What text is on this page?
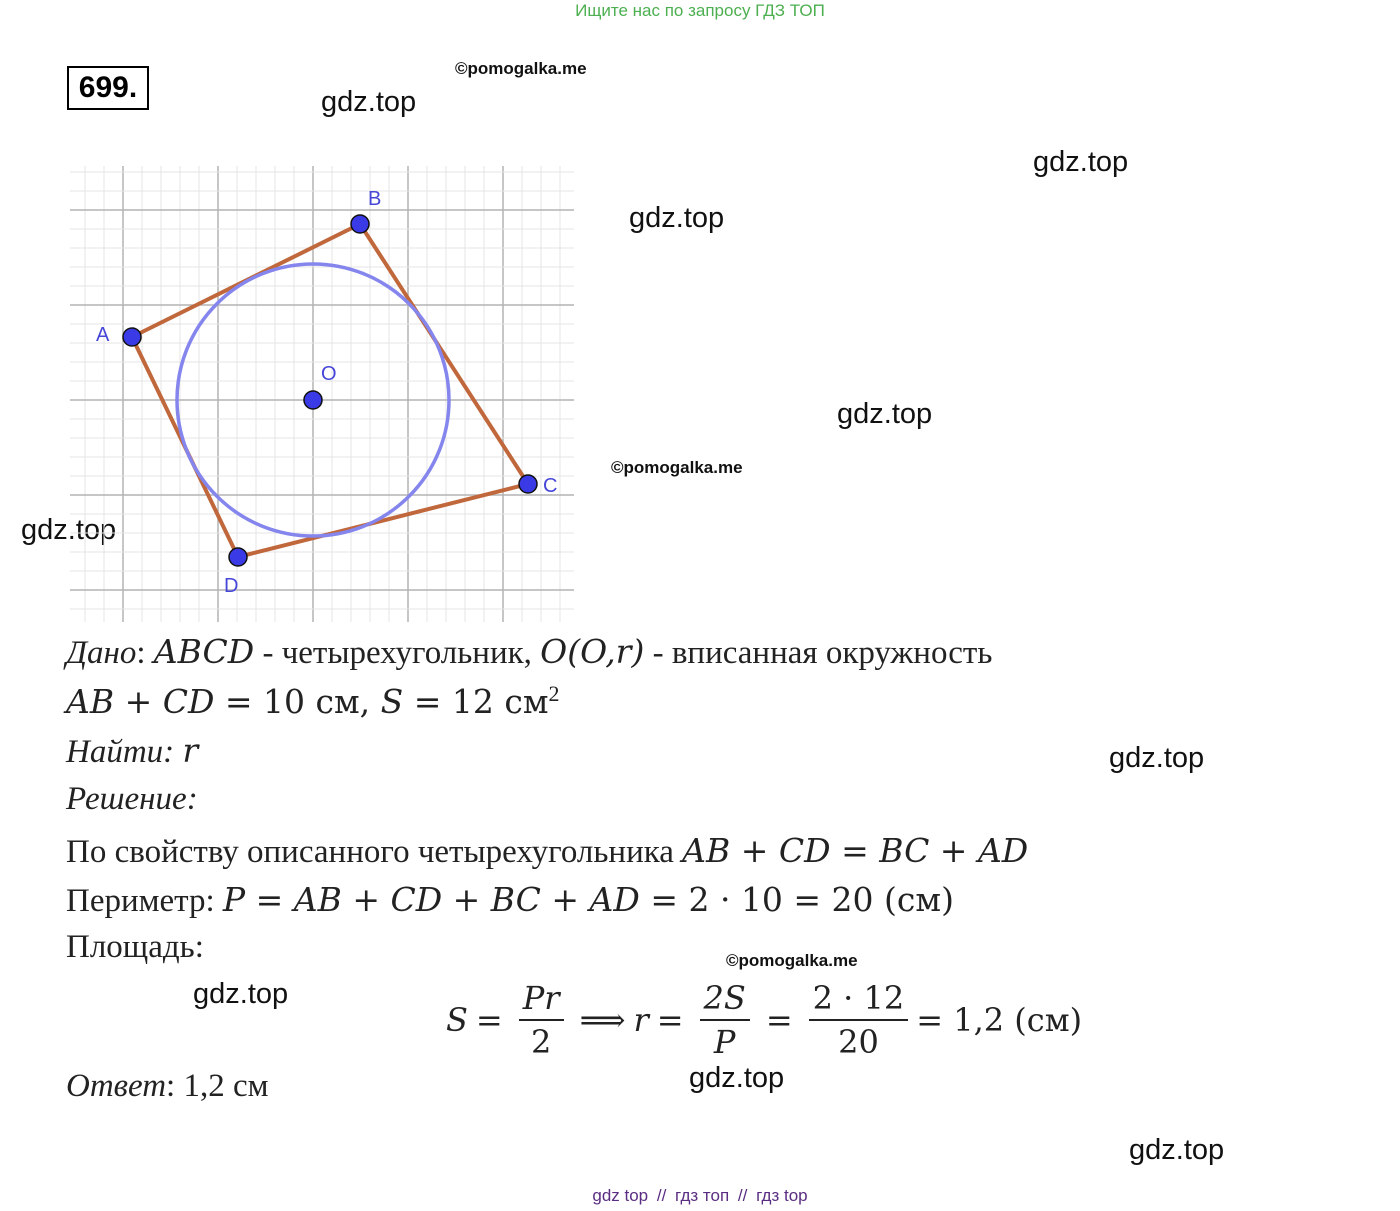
Ищите нас по запросу ГДЗ ТОП
699.
©pomogalka.me
©pomogalka.me
©pomogalka.me
gdz.top
gdz.top
gdz.top
gdz.top
gdz.top
gdz.top
gdz.top
gdz.top
gdz.top
A
B
C
D
O
Дано: ABCD - четырехугольник, O(O,r) - вписанная окружность
AB + CD = 10 см, S = 12 $см^2$
Найти: r
Решение:
По свойству описанного четырехугольника AB + CD = BC + AD
Периметр: P = AB + CD + BC + AD = 2 · 10 = 20 (см)
Площадь:
$S = \frac{Pr}{2}$ ⟹ $r = \frac{2S}{P} = \frac{2 \cdot 12}{20} = 1,2$ (см)
Ответ: 1,2 см
gdz top // гдз топ // гдз top
